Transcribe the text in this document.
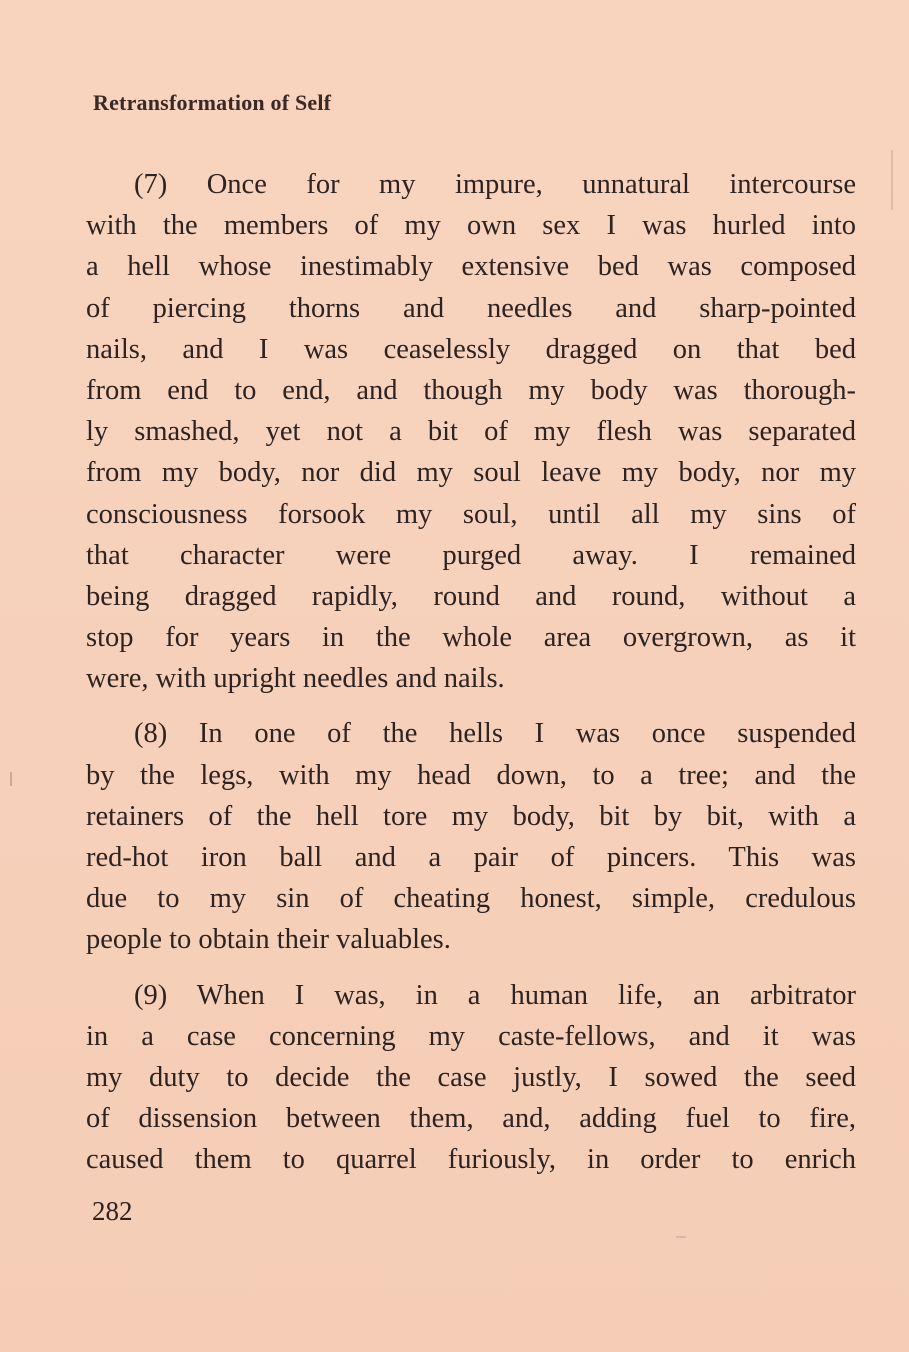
Retransformation of Self

(7) Once for my impure, unnatural intercourse
with the members of my own sex I was hurled into
a hell whose inestimably extensive bed was composed
of piercing thorns and needles and sharp-pointed
nails, and I was ceaselessly dragged on that bed
from end to end, and though my body was thorough-
ly smashed, yet not a bit of my flesh was separated
from my body, nor did my soul leave my body, nor my
consciousness forsook my soul, until all my sins of
that character were purged away. I remained
being dragged rapidly, round and round, without a
stop for years in the whole area overgrown, as it
were, with upright needles and nails.

(8) In one of the hells I was once suspended
by the legs, with my head down, to a tree; and the
retainers of the hell tore my body, bit by bit, with a
red-hot iron ball and a pair of pincers. This was
due to my sin of cheating honest, simple, credulous
people to obtain their valuables.

(9) When I was, in a human life, an arbitrator
in a case concerning my caste-fellows, and it was
my duty to decide the case justly, I sowed the seed
of dissension between them, and, adding fuel to fire,
caused them to quarrel furiously, in order to enrich

282
